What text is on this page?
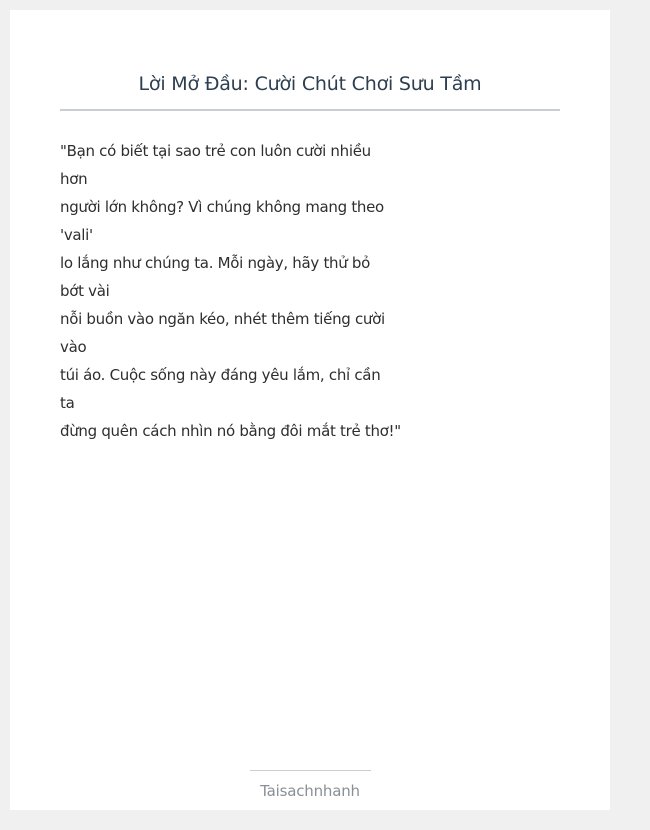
Lời Mở Đầu: Cười Chút Chơi Sưu Tầm
"Bạn có biết tại sao trẻ con luôn cười nhiều
hơn
người lớn không? Vì chúng không mang theo
'vali'
lo lắng như chúng ta. Mỗi ngày, hãy thử bỏ
bớt vài
nỗi buồn vào ngăn kéo, nhét thêm tiếng cười
vào
túi áo. Cuộc sống này đáng yêu lắm, chỉ cần
ta
đừng quên cách nhìn nó bằng đôi mắt trẻ thơ!"
Taisachnhanh
